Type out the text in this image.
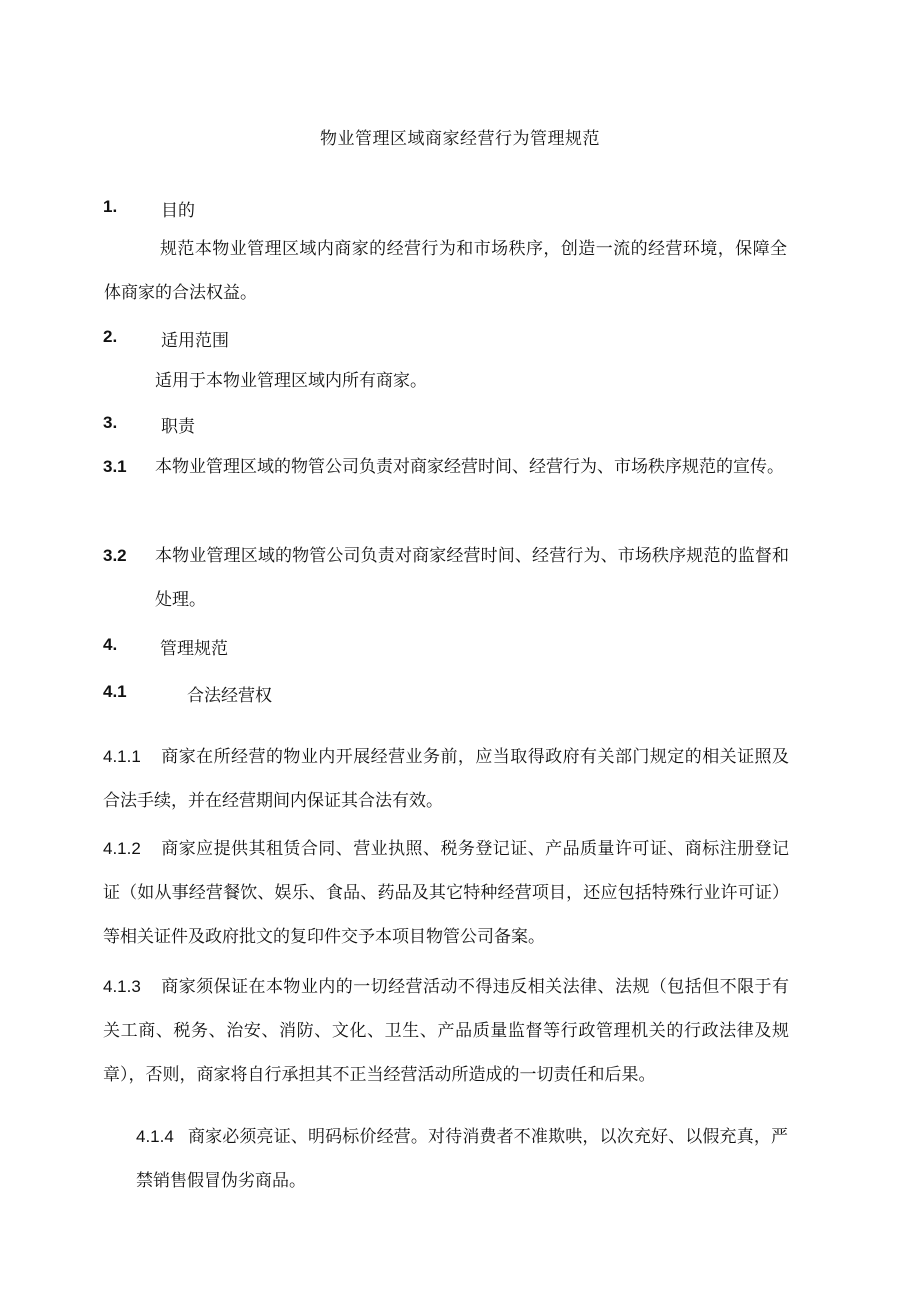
物业管理区域商家经营行为管理规范
1.	目的
规范本物业管理区域内商家的经营行为和市场秩序，创造一流的经营环境，保障全体商家的合法权益。
2.	适用范围
适用于本物业管理区域内所有商家。
3.	职责
3.1 本物业管理区域的物管公司负责对商家经营时间、经营行为、市场秩序规范的宣传。
3.2 本物业管理区域的物管公司负责对商家经营时间、经营行为、市场秩序规范的监督和处理。
4.	管理规范
4.1	合法经营权
4.1.1 商家在所经营的物业内开展经营业务前，应当取得政府有关部门规定的相关证照及合法手续，并在经营期间内保证其合法有效。
4.1.2 商家应提供其租赁合同、营业执照、税务登记证、产品质量许可证、商标注册登记证（如从事经营餐饮、娱乐、食品、药品及其它特种经营项目，还应包括特殊行业许可证）等相关证件及政府批文的复印件交予本项目物管公司备案。
4.1.3 商家须保证在本物业内的一切经营活动不得违反相关法律、法规（包括但不限于有关工商、税务、治安、消防、文化、卫生、产品质量监督等行政管理机关的行政法律及规章），否则，商家将自行承担其不正当经营活动所造成的一切责任和后果。
4.1.4 商家必须亮证、明码标价经营。对待消费者不准欺哄，以次充好、以假充真，严禁销售假冒伪劣商品。
